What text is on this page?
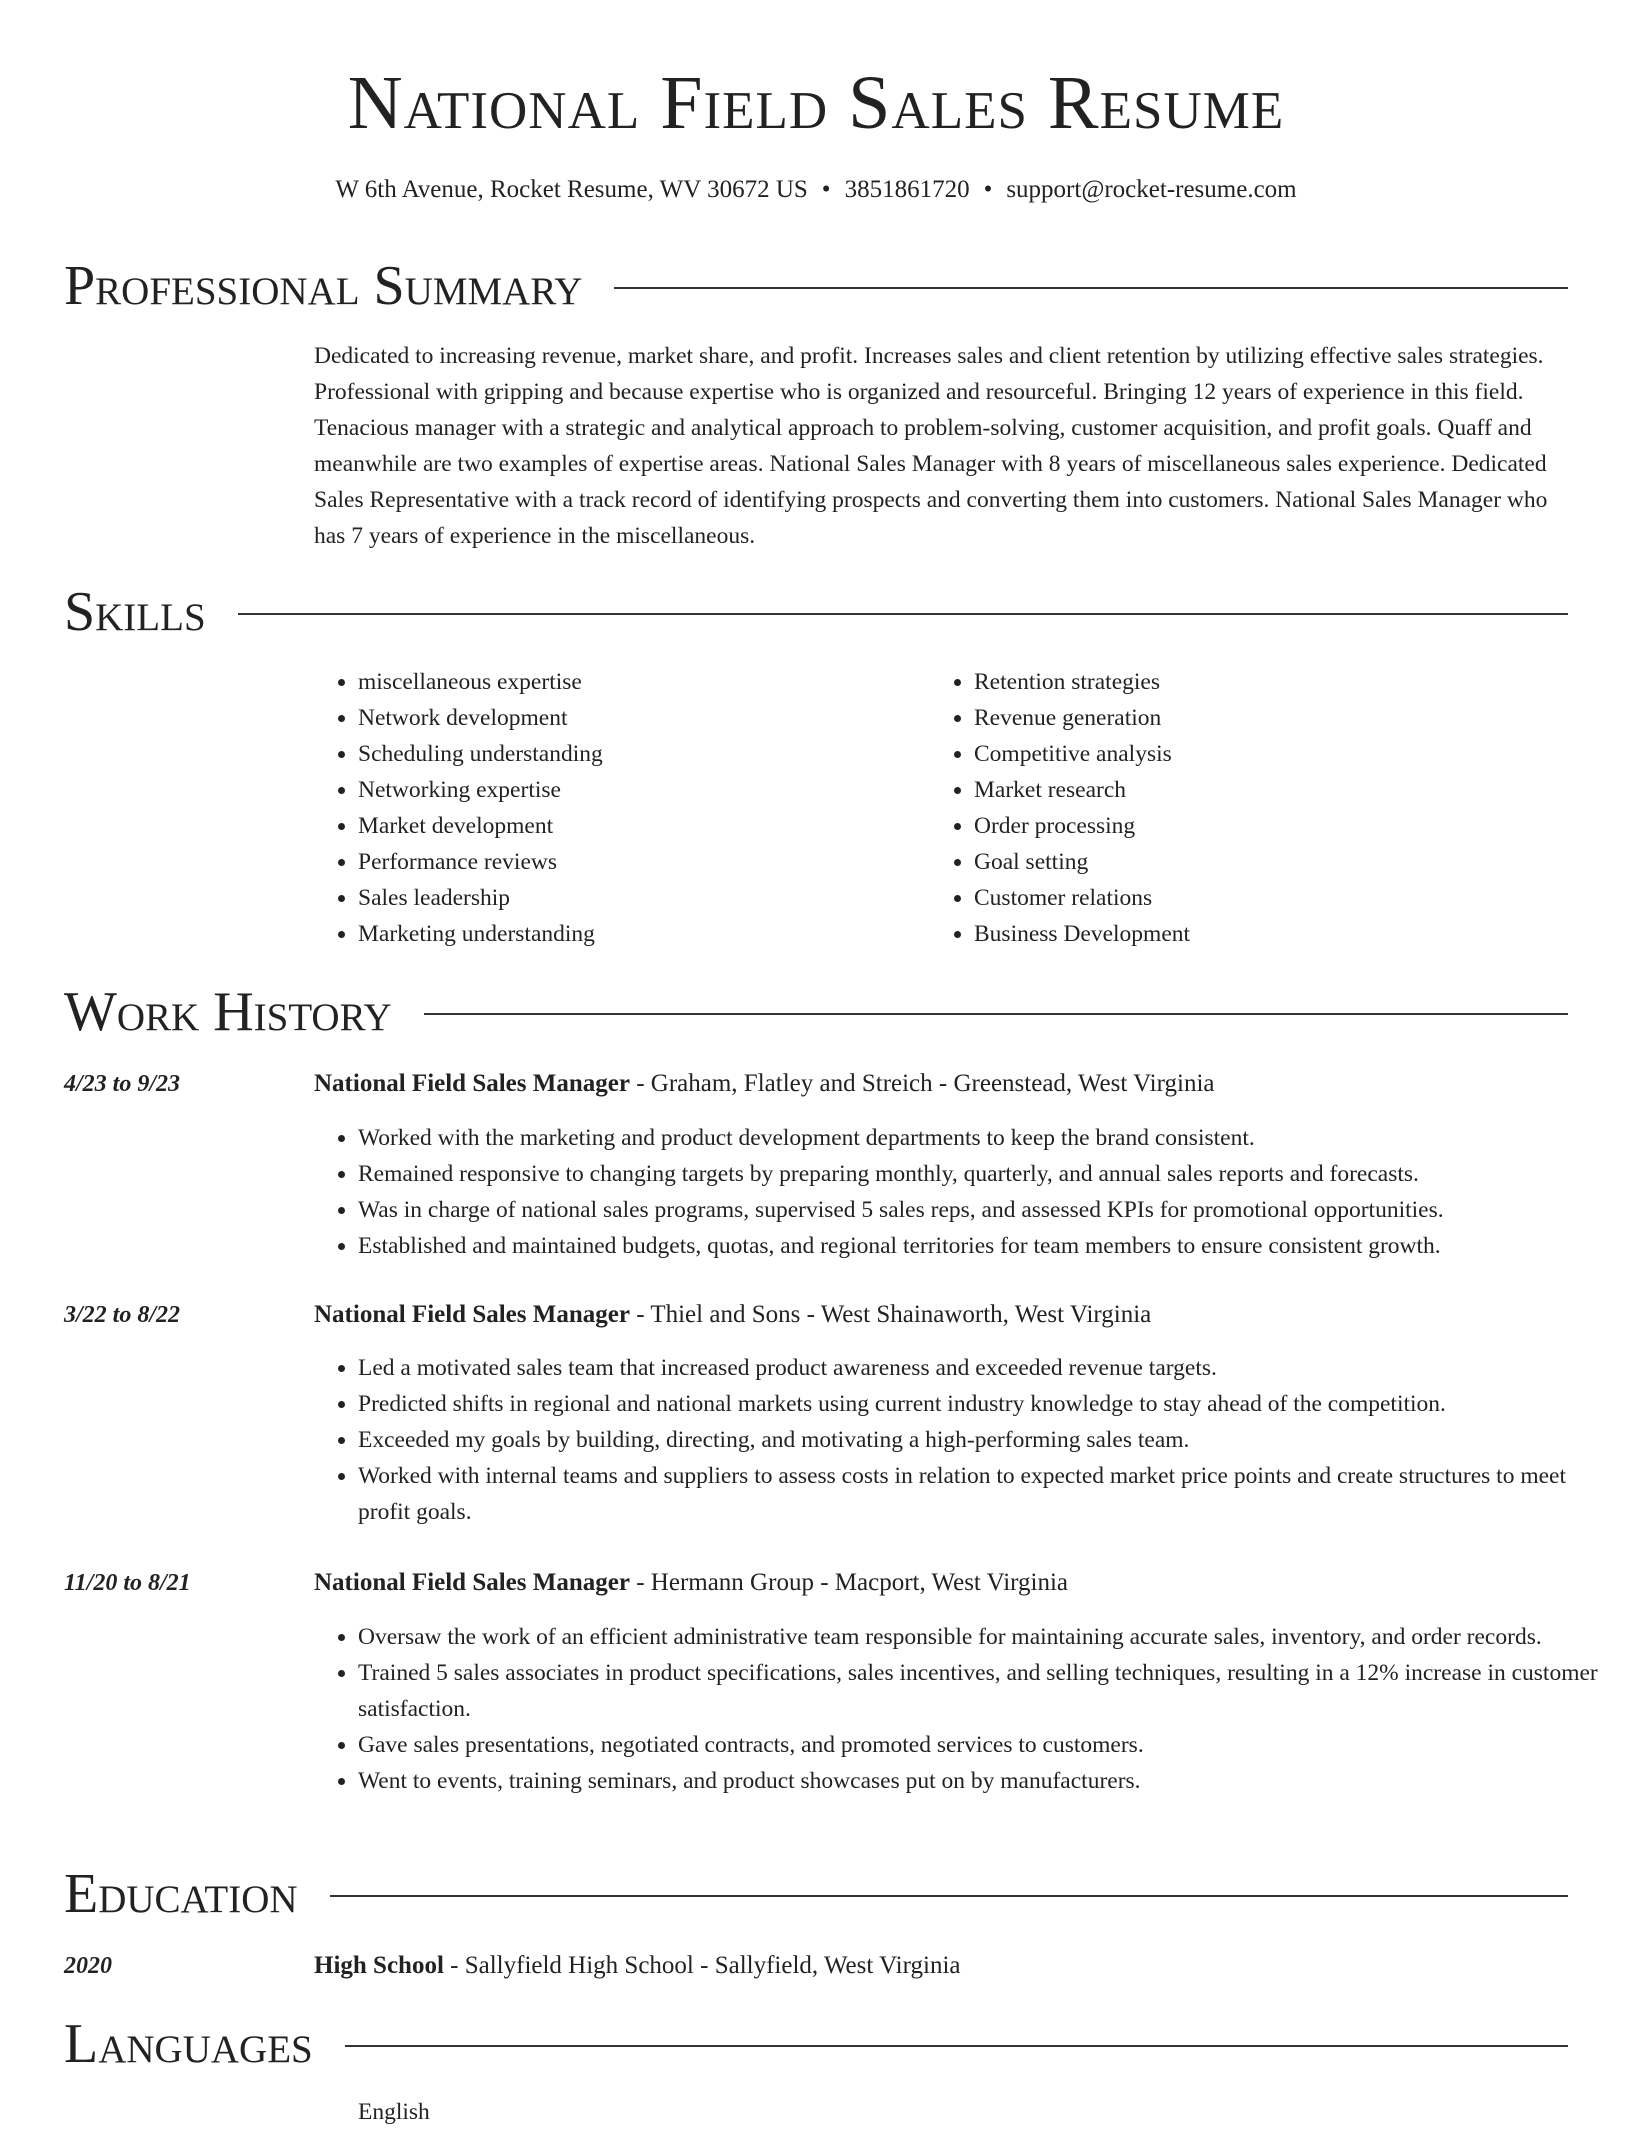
National Field Sales Resume
W 6th Avenue, Rocket Resume, WV 30672 US • 3851861720 • support@rocket-resume.com
Professional Summary

Dedicated to increasing revenue, market share, and profit. Increases sales and client retention by utilizing effective sales strategies. Professional with gripping and because expertise who is organized and resourceful. Bringing 12 years of experience in this field. Tenacious manager with a strategic and analytical approach to problem-solving, customer acquisition, and profit goals. Quaff and meanwhile are two examples of expertise areas. National Sales Manager with 8 years of miscellaneous sales experience. Dedicated Sales Representative with a track record of identifying prospects and converting them into customers. National Sales Manager who has 7 years of experience in the miscellaneous.

Skills
• miscellaneous expertise
• Network development
• Scheduling understanding
• Networking expertise
• Market development
• Performance reviews
• Sales leadership
• Marketing understanding
• Retention strategies
• Revenue generation
• Competitive analysis
• Market research
• Order processing
• Goal setting
• Customer relations
• Business Development
Work History
4/23 to 9/23	National Field Sales Manager - Graham, Flatley and Streich - Greenstead, West Virginia
• Worked with the marketing and product development departments to keep the brand consistent.
• Remained responsive to changing targets by preparing monthly, quarterly, and annual sales reports and forecasts.
• Was in charge of national sales programs, supervised 5 sales reps, and assessed KPIs for promotional opportunities.
• Established and maintained budgets, quotas, and regional territories for team members to ensure consistent growth.
3/22 to 8/22	National Field Sales Manager - Thiel and Sons - West Shainaworth, West Virginia
• Led a motivated sales team that increased product awareness and exceeded revenue targets.
• Predicted shifts in regional and national markets using current industry knowledge to stay ahead of the competition.
• Exceeded my goals by building, directing, and motivating a high-performing sales team.
• Worked with internal teams and suppliers to assess costs in relation to expected market price points and create structures to meet profit goals.
11/20 to 8/21	National Field Sales Manager - Hermann Group - Macport, West Virginia
• Oversaw the work of an efficient administrative team responsible for maintaining accurate sales, inventory, and order records.
• Trained 5 sales associates in product specifications, sales incentives, and selling techniques, resulting in a 12% increase in customer satisfaction.
• Gave sales presentations, negotiated contracts, and promoted services to customers.
• Went to events, training seminars, and product showcases put on by manufacturers.
Education
2020	High School - Sallyfield High School - Sallyfield, West Virginia
Languages
English
